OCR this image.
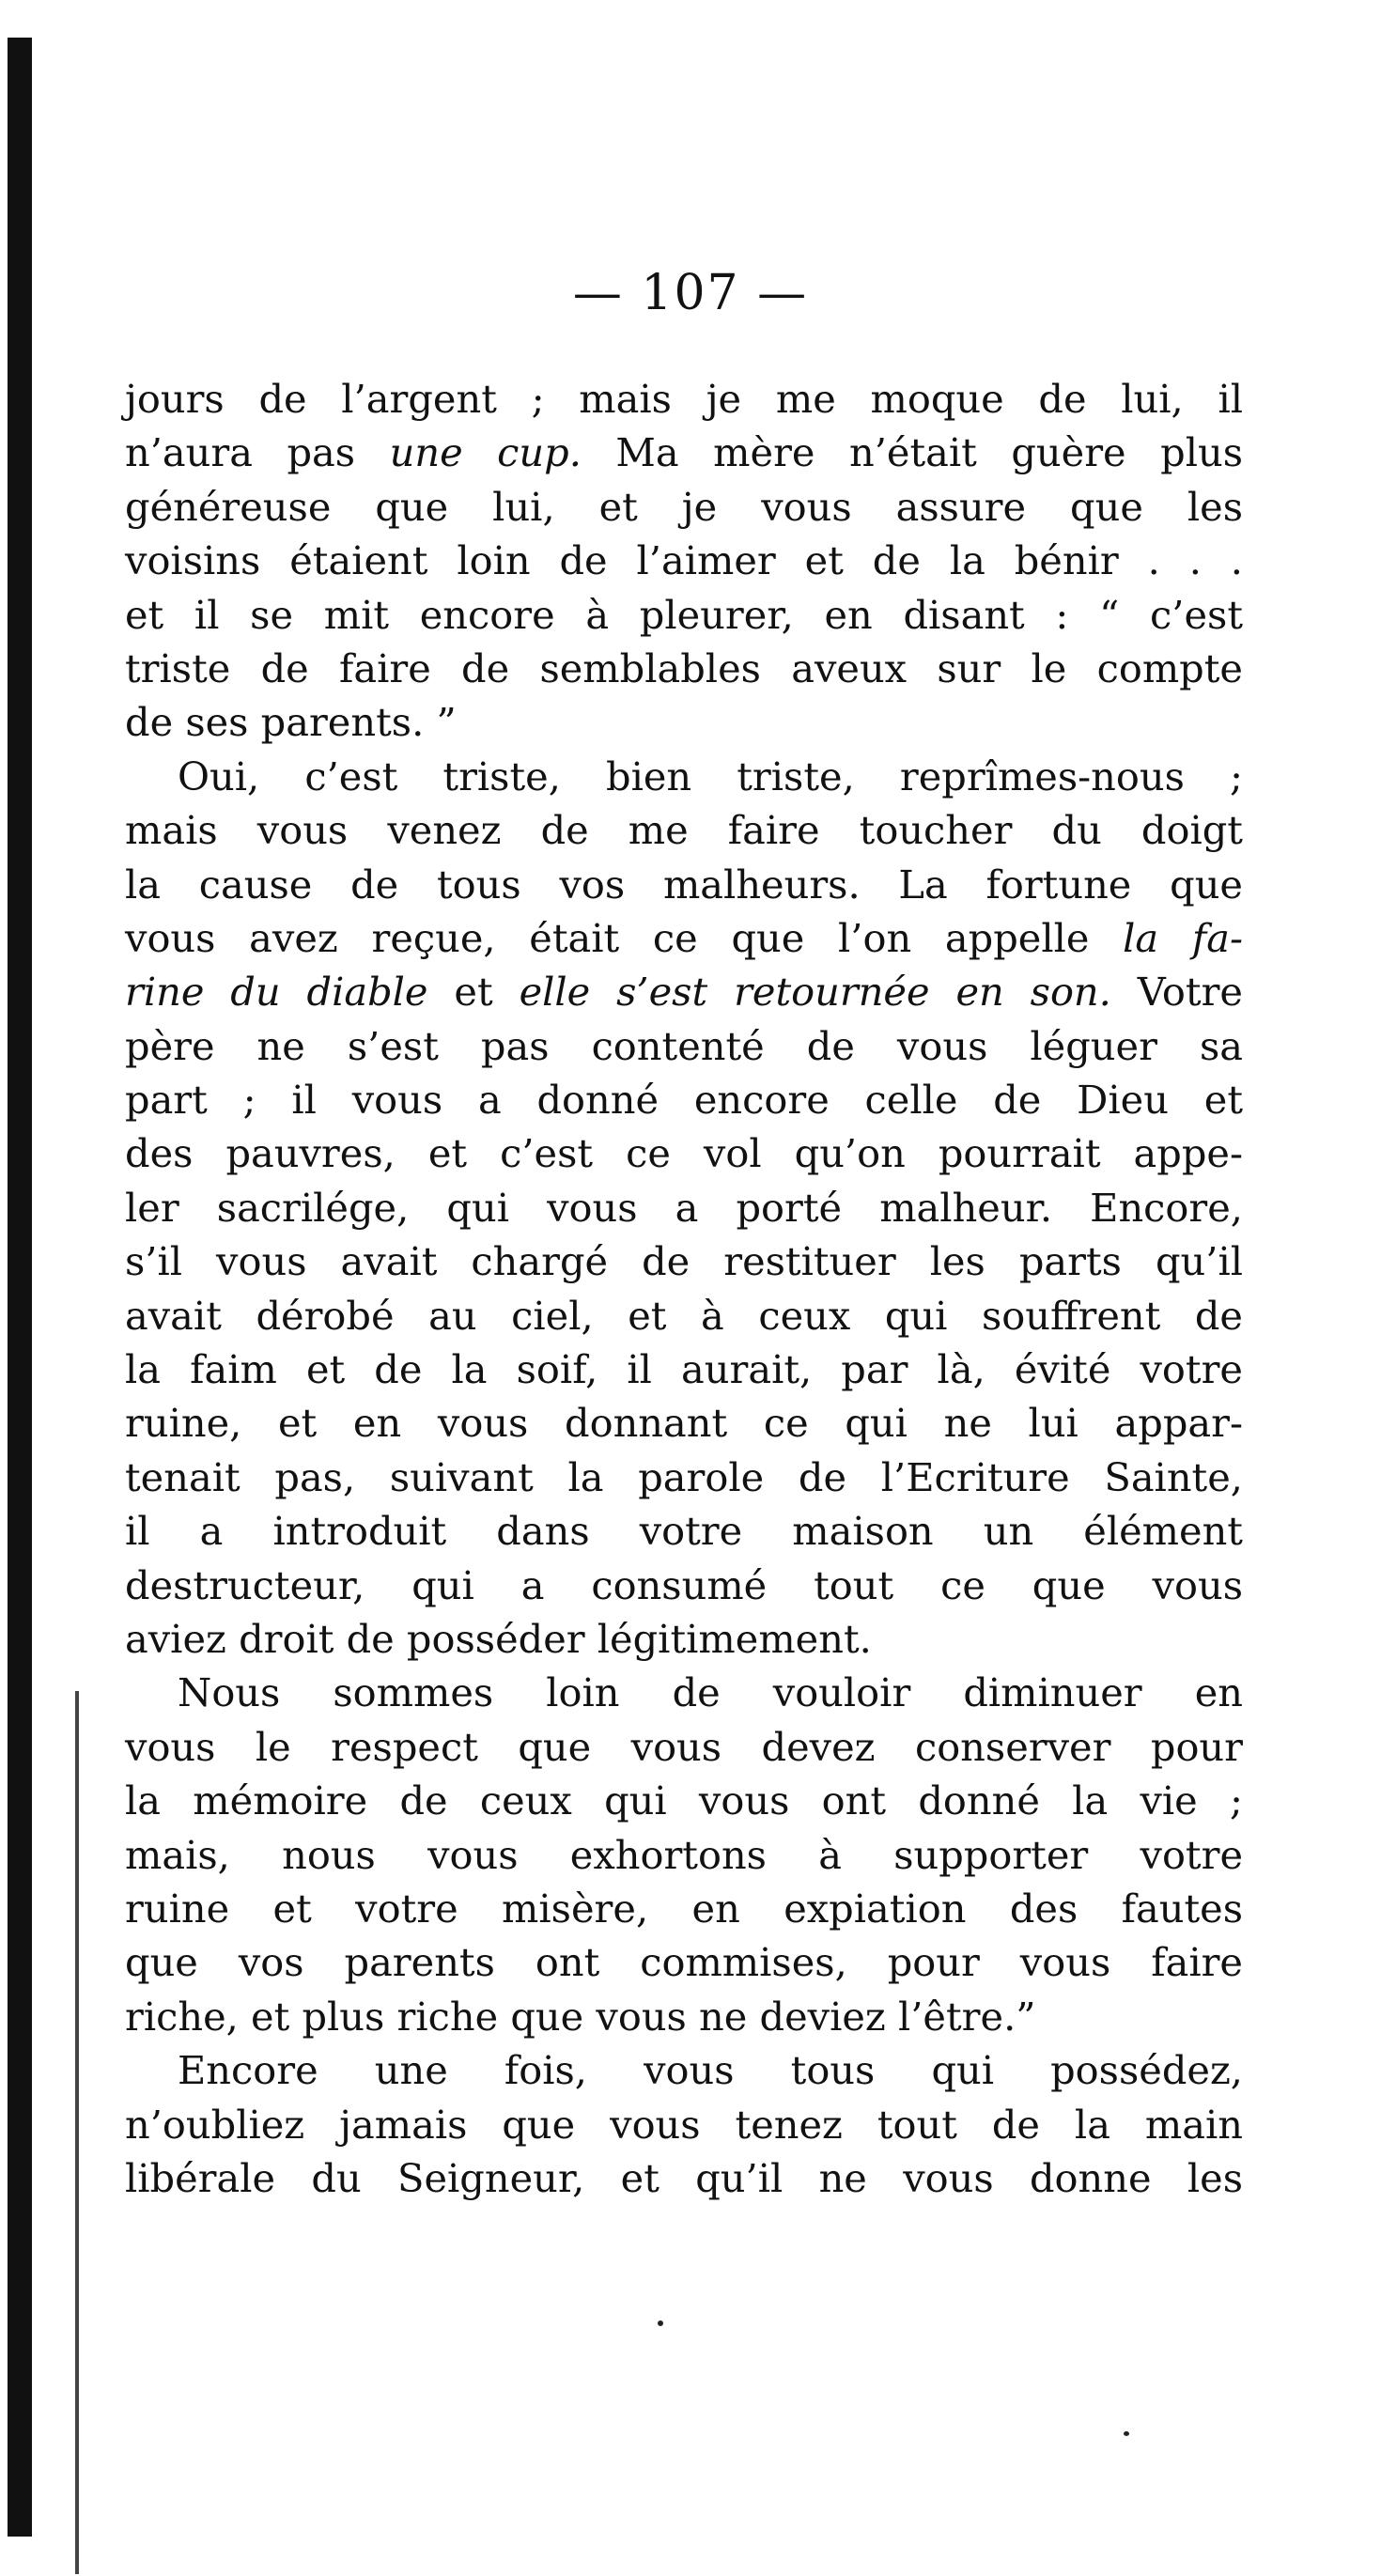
— 107 —
jours de l’argent ; mais je me moque de lui, il
n’aura pas une cup. Ma mère n’était guère plus
généreuse que lui, et je vous assure que les
voisins étaient loin de l’aimer et de la bénir . . .
et il se mit encore à pleurer, en disant : “ c’est
triste de faire de semblables aveux sur le compte
de ses parents. ”
Oui, c’est triste, bien triste, reprîmes-nous ;
mais vous venez de me faire toucher du doigt
la cause de tous vos malheurs. La fortune que
vous avez reçue, était ce que l’on appelle la fa-
rine du diable et elle s’est retournée en son. Votre
père ne s’est pas contenté de vous léguer sa
part ; il vous a donné encore celle de Dieu et
des pauvres, et c’est ce vol qu’on pourrait appe-
ler sacrilége, qui vous a porté malheur. Encore,
s’il vous avait chargé de restituer les parts qu’il
avait dérobé au ciel, et à ceux qui souffrent de
la faim et de la soif, il aurait, par là, évité votre
ruine, et en vous donnant ce qui ne lui appar-
tenait pas, suivant la parole de l’Ecriture Sainte,
il a introduit dans votre maison un élément
destructeur, qui a consumé tout ce que vous
aviez droit de posséder légitimement.
Nous sommes loin de vouloir diminuer en
vous le respect que vous devez conserver pour
la mémoire de ceux qui vous ont donné la vie ;
mais, nous vous exhortons à supporter votre
ruine et votre misère, en expiation des fautes
que vos parents ont commises, pour vous faire
riche, et plus riche que vous ne deviez l’être.”
Encore une fois, vous tous qui possédez,
n’oubliez jamais que vous tenez tout de la main
libérale du Seigneur, et qu’il ne vous donne les
